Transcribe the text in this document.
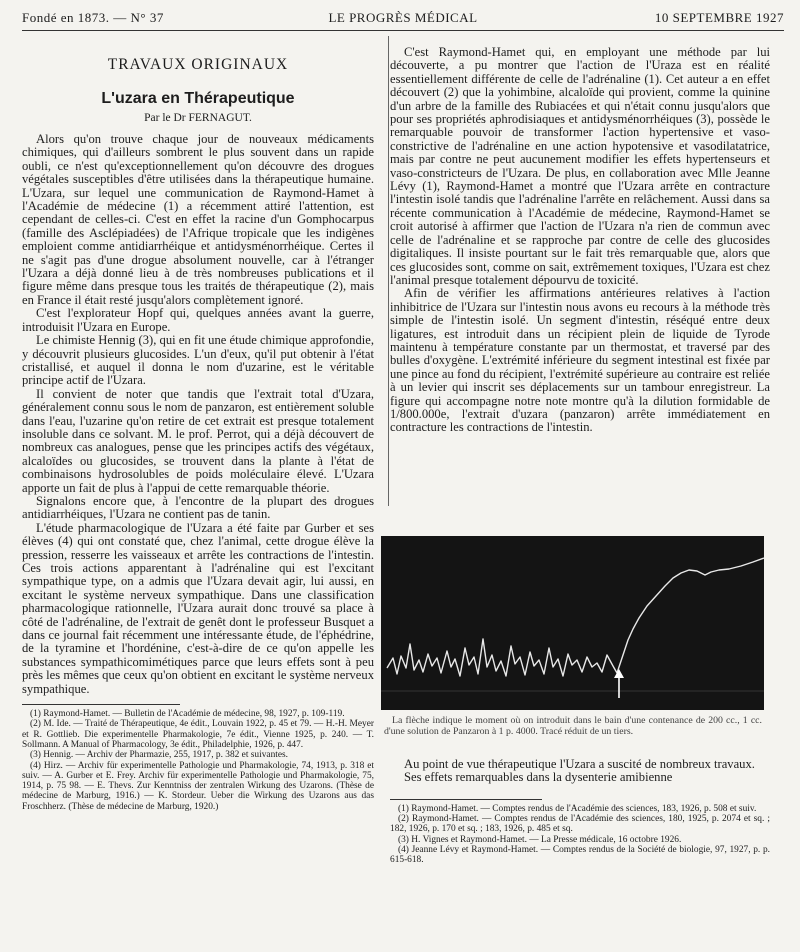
Fondé en 1873. — N° 37	LE PROGRÈS MÉDICAL	10 SEPTEMBRE 1927
TRAVAUX ORIGINAUX
L'uzara en Thérapeutique
Par le Dr FERNAGUT.

Alors qu'on trouve chaque jour de nouveaux médicaments chimiques, qui d'ailleurs sombrent le plus souvent dans un rapide oubli, ce n'est qu'exceptionnellement qu'on découvre des drogues végétales susceptibles d'être utilisées dans la thérapeutique humaine. L'Uzara, sur lequel une communication de Raymond-Hamet à l'Académie de médecine (1) a récemment attiré l'attention, est cependant de celles-ci. C'est en effet la racine d'un Gomphocarpus (famille des Asclépiadées) de l'Afrique tropicale que les indigènes emploient comme antidiarrhéique et antidysménorrhéique. Certes il ne s'agit pas d'une drogue absolument nouvelle, car à l'étranger l'Uzara a déjà donné lieu à de très nombreuses publications et il figure même dans presque tous les traités de thérapeutique (2), mais en France il était resté jusqu'alors complètement ignoré.

C'est l'explorateur Hopf qui, quelques années avant la guerre, introduisit l'Uzara en Europe.

Le chimiste Hennig (3), qui en fit une étude chimique approfondie, y découvrit plusieurs glucosides. L'un d'eux, qu'il put obtenir à l'état cristallisé, et auquel il donna le nom d'uzarine, est le véritable principe actif de l'Uzara.

Il convient de noter que tandis que l'extrait total d'Uzara, généralement connu sous le nom de panzaron, est entièrement soluble dans l'eau, l'uzarine qu'on retire de cet extrait est presque totalement insoluble dans ce solvant. M. le prof. Perrot, qui a déjà découvert de nombreux cas analogues, pense que les principes actifs des végétaux, alcaloïdes ou glucosides, se trouvent dans la plante à l'état de combinaisons hydrosolubles de poids moléculaire élevé. L'Uzara apporte un fait de plus à l'appui de cette remarquable théorie.

Signalons encore que, à l'encontre de la plupart des drogues antidiarrhéiques, l'Uzara ne contient pas de tanin.

L'étude pharmacologique de l'Uzara a été faite par Gurber et ses élèves (4) qui ont constaté que, chez l'animal, cette drogue élève la pression, resserre les vaisseaux et arrête les contractions de l'intestin. Ces trois actions apparentant à l'adrénaline qui est l'excitant sympathique type, on a admis que l'Uzara devait agir, lui aussi, en excitant le système nerveux sympathique. Dans une classification pharmacologique rationnelle, l'Uzara aurait donc trouvé sa place à côté de l'adrénaline, de l'extrait de genêt dont le professeur Busquet a dans ce journal fait récemment une intéressante étude, de l'éphédrine, de la tyramine et l'hordénine, c'est-à-dire de ce qu'on appelle les substances sympathicomimétiques parce que leurs effets sont à peu près les mêmes que ceux qu'on obtient en excitant le système nerveux sympathique.

(1) Raymond-Hamet. — Bulletin de l'Académie de médecine, 98, 1927, p. 109-119.

(2) M. Ide. — Traité de Thérapeutique, 4e édit., Louvain 1922, p. 45 et 79. — H.-H. Meyer et R. Gottlieb. Die experimentelle Pharmakologie, 7e édit., Vienne 1925, p. 240. — T. Sollmann. A Manual of Pharmacology, 3e édit., Philadelphie, 1926, p. 447.

(3) Hennig. — Archiv der Pharmazie, 255, 1917, p. 382 et suivantes.

(4) Hirz. — Archiv für experimentelle Pathologie und Pharmakologie, 74, 1913, p. 318 et suiv. — A. Gurber et E. Frey. Archiv für experimentelle Pathologie und Pharmakologie, 75, 1914, p. 75 98. — E. Thevs. Zur Kenntniss der zentralen Wirkung des Uzarons. (Thèse de médecine de Marburg, 1916.) — K. Stordeur. Ueber die Wirkung des Uzarons aus das Froschherz. (Thèse de médecine de Marburg, 1920.)

C'est Raymond-Hamet qui, en employant une méthode par lui découverte, a pu montrer que l'action de l'Uraza est en réalité essentiellement différente de celle de l'adrénaline (1). Cet auteur a en effet découvert (2) que la yohimbine, alcaloïde qui provient, comme la quinine d'un arbre de la famille des Rubiacées et qui n'était connu jusqu'alors que pour ses propriétés aphrodisiaques et antidysménorrhéiques (3), possède le remarquable pouvoir de transformer l'action hypertensive et vaso-constrictive de l'adrénaline en une action hypotensive et vasodilatatrice, mais par contre ne peut aucunement modifier les effets hypertenseurs et vaso-constricteurs de l'Uzara. De plus, en collaboration avec Mlle Jeanne Lévy (1), Raymond-Hamet a montré que l'Uzara arrête en contracture l'intestin isolé tandis que l'adrénaline l'arrête en relâchement. Aussi dans sa récente communication à l'Académie de médecine, Raymond-Hamet se croit autorisé à affirmer que l'action de l'Uzara n'a rien de commun avec celle de l'adrénaline et se rapproche par contre de celle des glucosides digitaliques. Il insiste pourtant sur le fait très remarquable que, alors que ces glucosides sont, comme on sait, extrêmement toxiques, l'Uzara est chez l'animal presque totalement dépourvu de toxicité.

Afin de vérifier les affirmations antérieures relatives à l'action inhibitrice de l'Uzara sur l'intestin nous avons eu recours à la méthode très simple de l'intestin isolé. Un segment d'intestin, réséqué entre deux ligatures, est introduit dans un récipient plein de liquide de Tyrode maintenu à température constante par un thermostat, et traversé par des bulles d'oxygène. L'extrémité inférieure du segment intestinal est fixée par une pince au fond du récipient, l'extrémité supérieure au contraire est reliée à un levier qui inscrit ses déplacements sur un tambour enregistreur. La figure qui accompagne notre note montre qu'à la dilution formidable de 1/800.000e, l'extrait d'uzara (panzaron) arrête immédiatement en contracture les contractions de l'intestin.

La flèche indique le moment où on introduit dans le bain d'une contenance de 200 cc., 1 cc. d'une solution de Panzaron à 1 p. 4000. Tracé réduit de un tiers.

Au point de vue thérapeutique l'Uzara a suscité de nombreux travaux.

Ses effets remarquables dans la dysenterie amibienne

(1) Raymond-Hamet. — Comptes rendus de l'Académie des sciences, 183, 1926, p. 508 et suiv.

(2) Raymond-Hamet. — Comptes rendus de l'Académie des sciences, 180, 1925, p. 2074 et sq. ; 182, 1926, p. 170 et sq. ; 183, 1926, p. 485 et sq.

(3) H. Vignes et Raymond-Hamet. — La Presse médicale, 16 octobre 1926.

(4) Jeanne Lévy et Raymond-Hamet. — Comptes rendus de la Société de biologie, 97, 1927, p. p. 615-618.
